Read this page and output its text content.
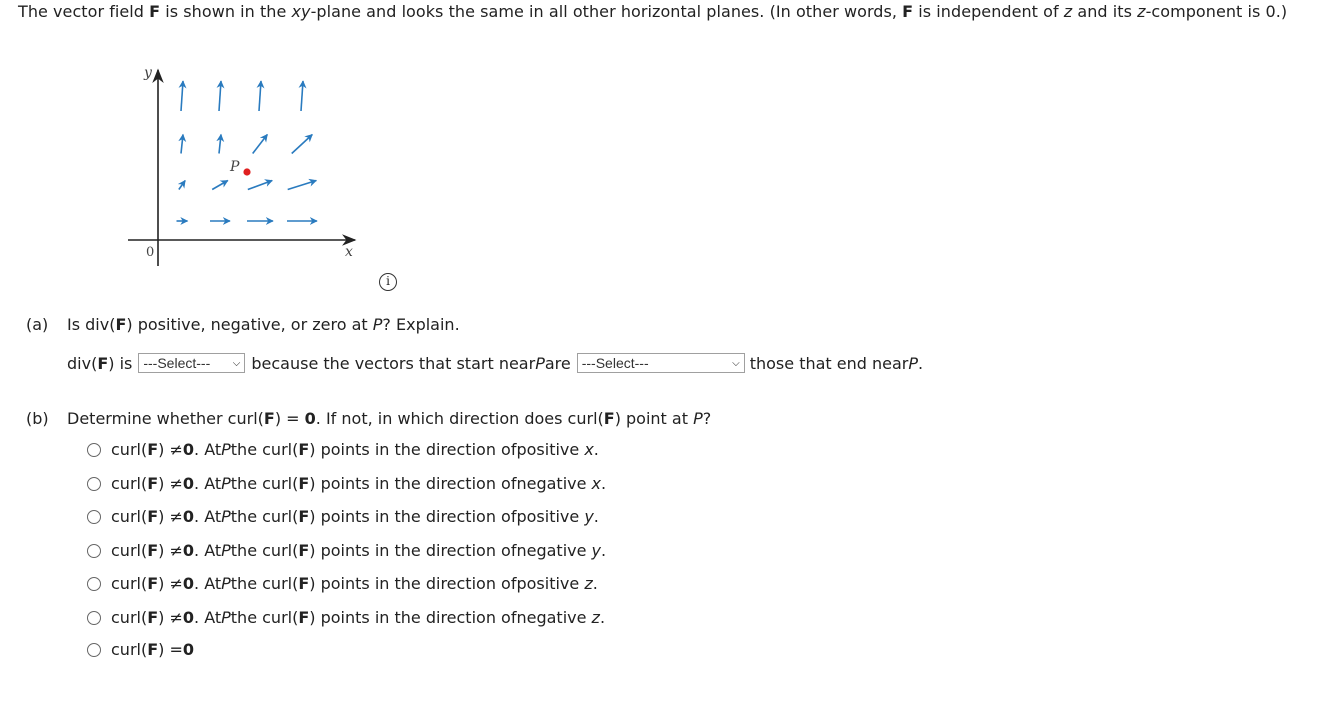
The vector field F is shown in the xy-plane and looks the same in all other horizontal planes. (In other words, F is independent of z and its z-component is 0.)
y
x
0
P
i
(a) Is div(F) positive, negative, or zero at P? Explain.
div( F ) is ---Select--- ⌵ because the vectors that start near P are ---Select---	⌵ those that end near P .
(b) Determine whether curl(F) = 0. If not, in which direction does curl(F) point at P?
curl( F ) ≠ 0 . At P the curl( F ) points in the direction of positive
x .
curl( F ) ≠ 0 . At P the curl( F ) points in the direction of negative
x .
curl( F ) ≠ 0 . At P the curl( F ) points in the direction of positive
y .
curl( F ) ≠ 0 . At P the curl( F ) points in the direction of negative
y .
curl( F ) ≠ 0 . At P the curl( F ) points in the direction of positive
z .
curl( F ) ≠ 0 . At P the curl( F ) points in the direction of negative
z .
curl( F ) = 0
